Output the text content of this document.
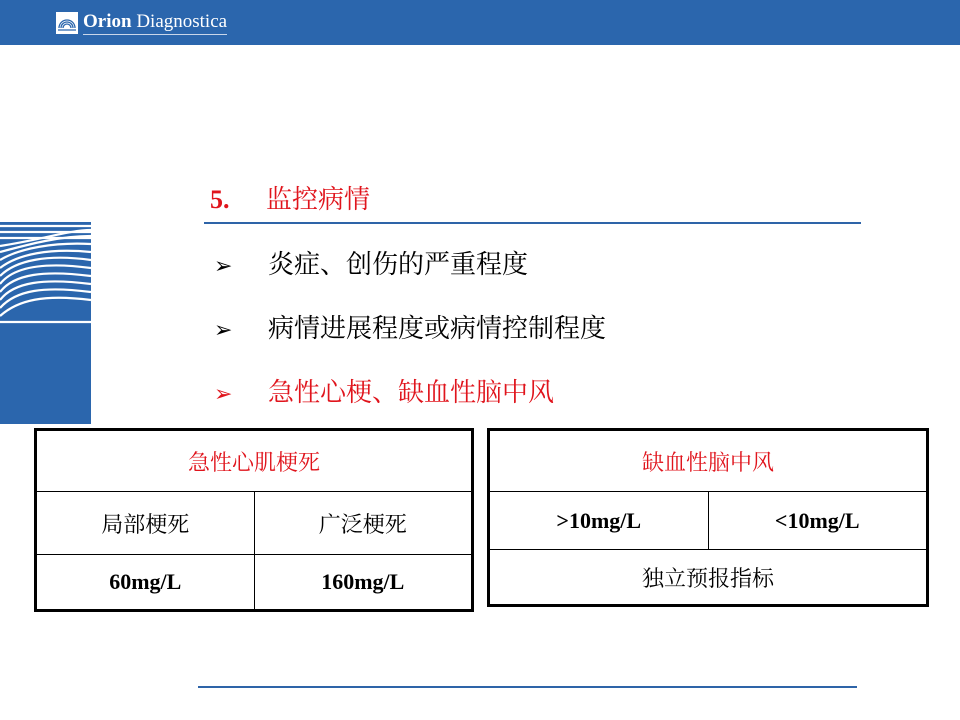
Orion Diagnostica
5. 监控病情
➢ 炎症、创伤的严重程度
➢ 病情进展程度或病情控制程度
➢ 急性心梗、缺血性脑中风
急性心肌梗死	
局部梗死	广泛梗死
60mg/L	160mg/L
缺血性脑中风
>10mg/L	<10mg/L
独立预报指标
